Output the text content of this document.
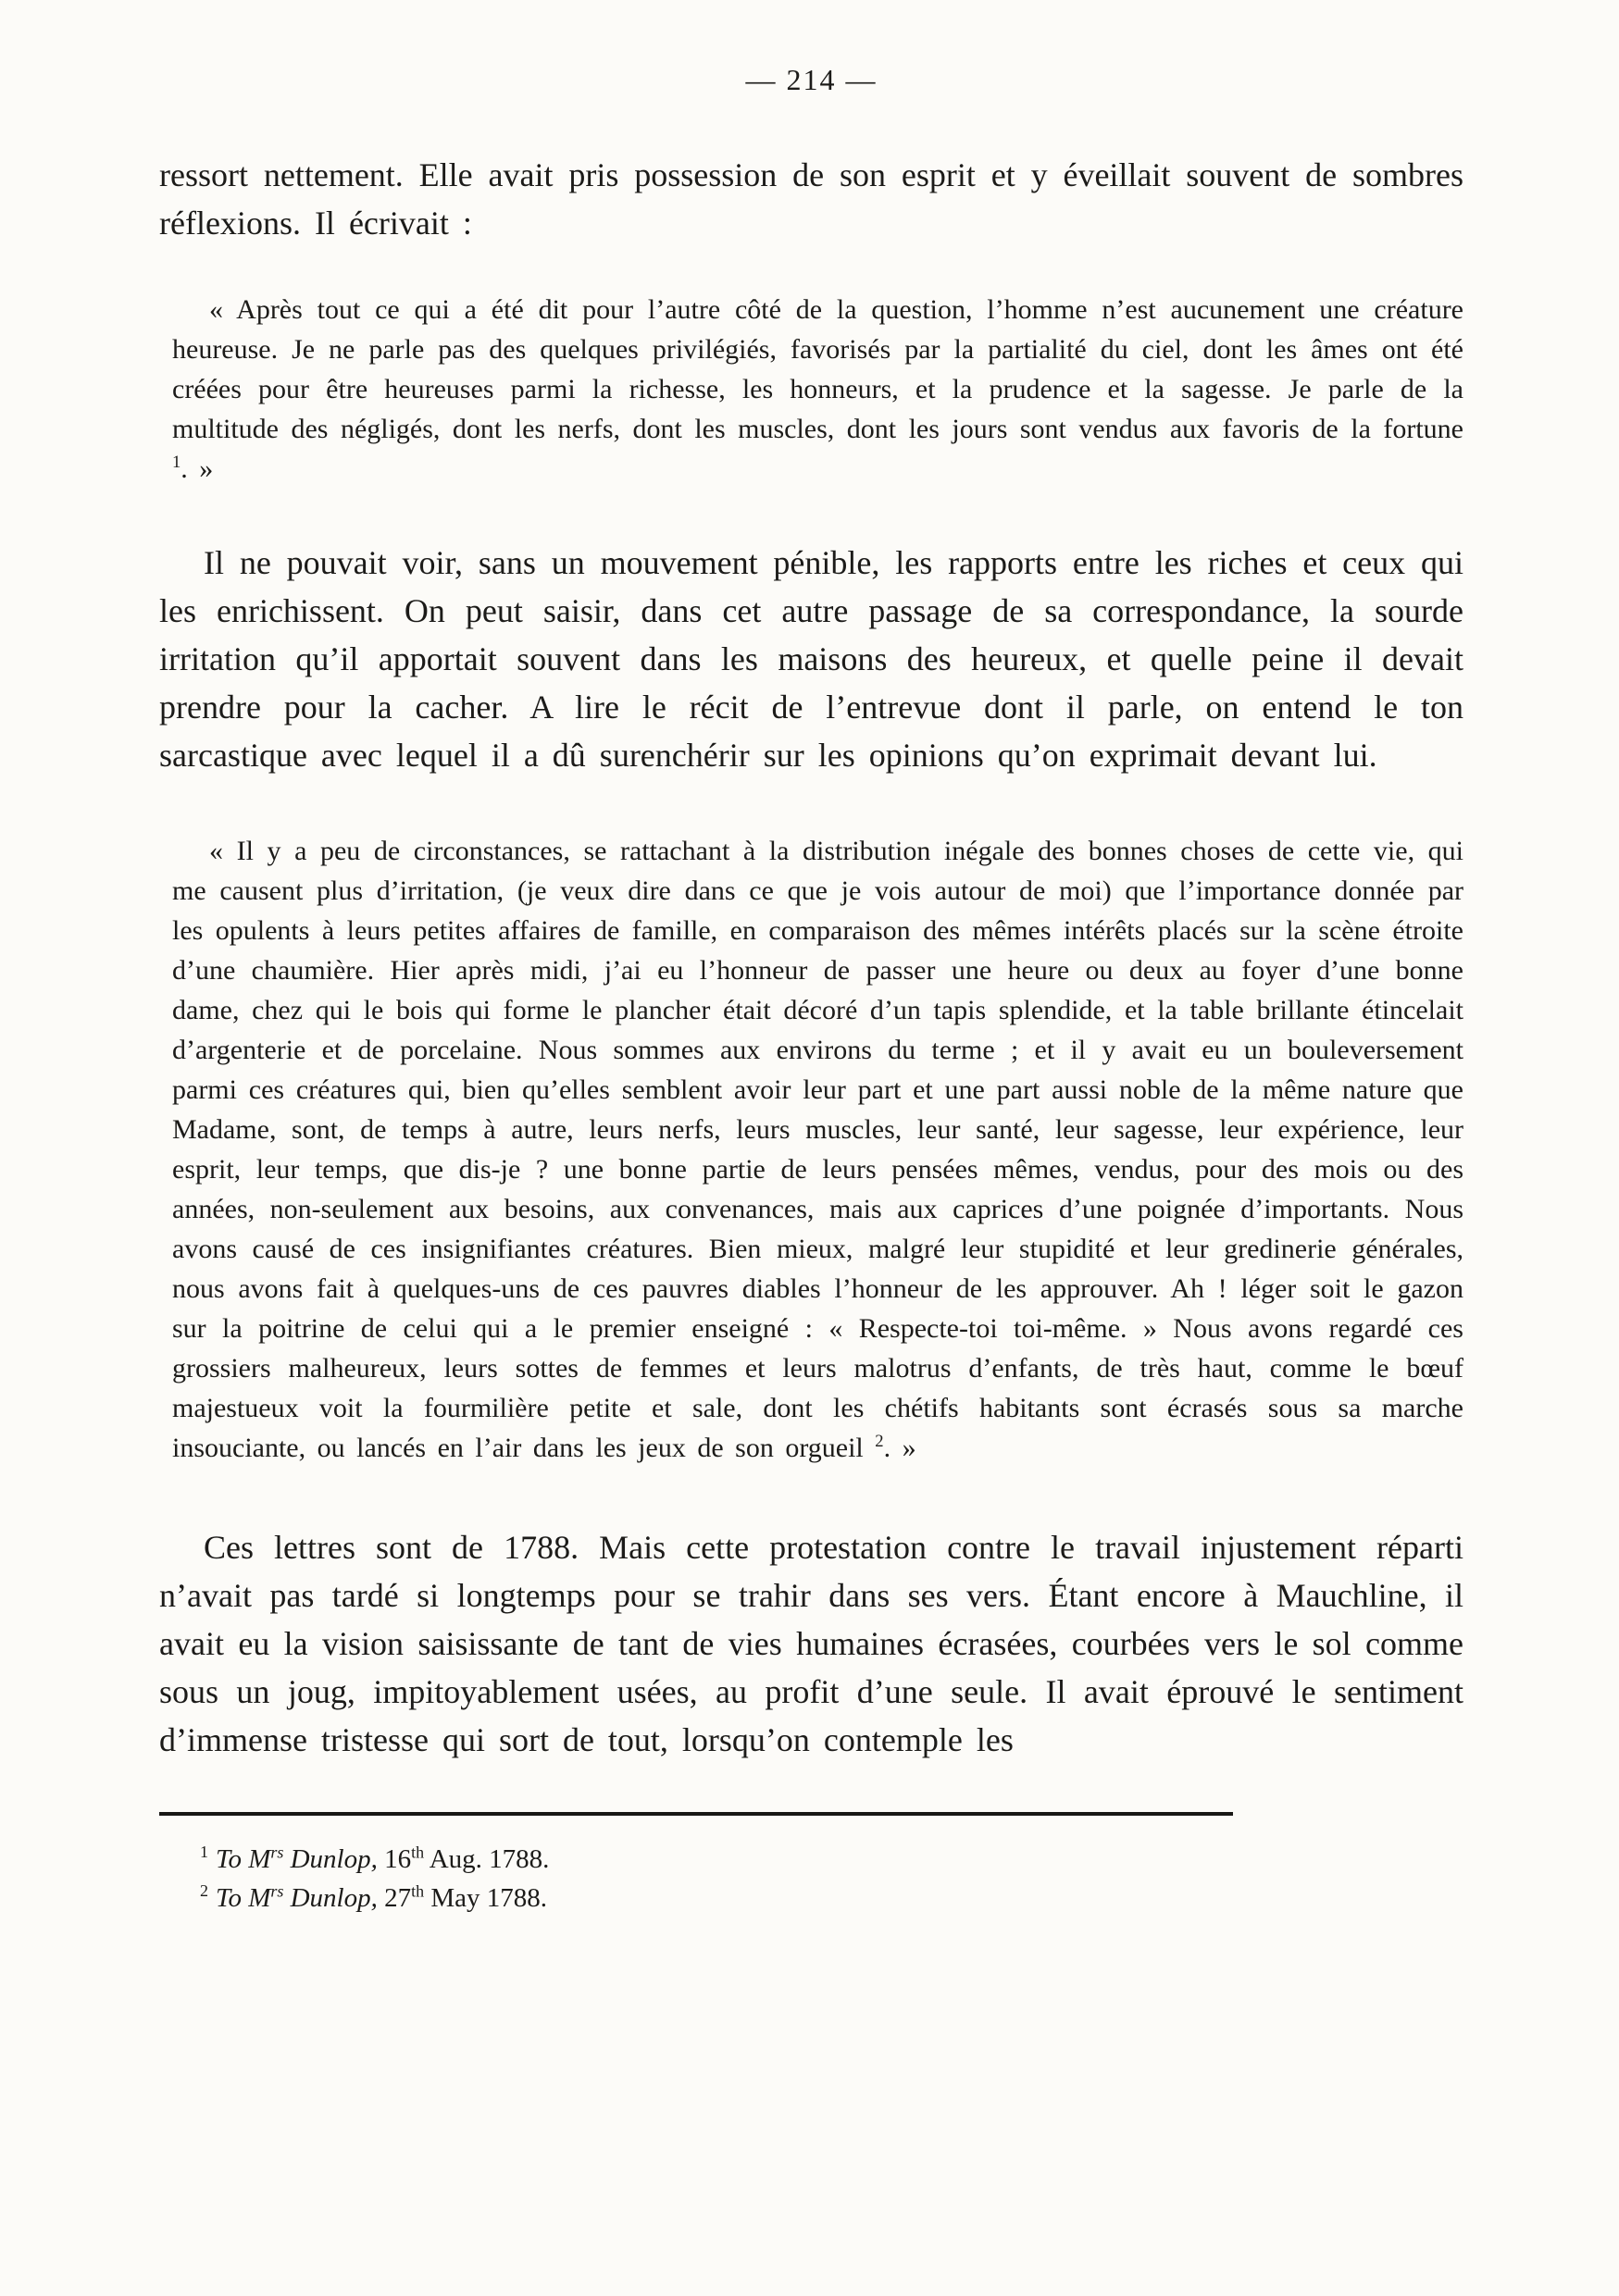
— 214 —

ressort nettement. Elle avait pris possession de son esprit et y éveillait souvent de sombres réflexions. Il écrivait :

« Après tout ce qui a été dit pour l’autre côté de la question, l’homme n’est aucunement une créature heureuse. Je ne parle pas des quelques privilégiés, favorisés par la partialité du ciel, dont les âmes ont été créées pour être heureuses parmi la richesse, les honneurs, et la prudence et la sagesse. Je parle de la multitude des négligés, dont les nerfs, dont les muscles, dont les jours sont vendus aux favoris de la fortune $^1$. »

Il ne pouvait voir, sans un mouvement pénible, les rapports entre les riches et ceux qui les enrichissent. On peut saisir, dans cet autre passage de sa correspondance, la sourde irritation qu’il apportait souvent dans les maisons des heureux, et quelle peine il devait prendre pour la cacher. A lire le récit de l’entrevue dont il parle, on entend le ton sarcastique avec lequel il a dû surenchérir sur les opinions qu’on exprimait devant lui.

« Il y a peu de circonstances, se rattachant à la distribution inégale des bonnes choses de cette vie, qui me causent plus d’irritation, (je veux dire dans ce que je vois autour de moi) que l’importance donnée par les opulents à leurs petites affaires de famille, en comparaison des mêmes intérêts placés sur la scène étroite d’une chaumière. Hier après midi, j’ai eu l’honneur de passer une heure ou deux au foyer d’une bonne dame, chez qui le bois qui forme le plancher était décoré d’un tapis splendide, et la table brillante étincelait d’argenterie et de porcelaine. Nous sommes aux environs du terme ; et il y avait eu un bouleversement parmi ces créatures qui, bien qu’elles semblent avoir leur part et une part aussi noble de la même nature que Madame, sont, de temps à autre, leurs nerfs, leurs muscles, leur santé, leur sagesse, leur expérience, leur esprit, leur temps, que dis-je ? une bonne partie de leurs pensées mêmes, vendus, pour des mois ou des années, non-seulement aux besoins, aux convenances, mais aux caprices d’une poignée d’importants. Nous avons causé de ces insignifiantes créatures. Bien mieux, malgré leur stupidité et leur gredinerie générales, nous avons fait à quelques-uns de ces pauvres diables l’honneur de les approuver. Ah ! léger soit le gazon sur la poitrine de celui qui a le premier enseigné : « Respecte-toi toi-même. » Nous avons regardé ces grossiers malheureux, leurs sottes de femmes et leurs malotrus d’enfants, de très haut, comme le bœuf majestueux voit la fourmilière petite et sale, dont les chétifs habitants sont écrasés sous sa marche insouciante, ou lancés en l’air dans les jeux de son orgueil $^2$. »

Ces lettres sont de 1788. Mais cette protestation contre le travail injustement réparti n’avait pas tardé si longtemps pour se trahir dans ses vers. Étant encore à Mauchline, il avait eu la vision saisissante de tant de vies humaines écrasées, courbées vers le sol comme sous un joug, impitoyablement usées, au profit d’une seule. Il avait éprouvé le sentiment d’immense tristesse qui sort de tout, lorsqu’on contemple les

$^1$ To $M^{rs}$ Dunlop, 16th Aug. 1788.
$^2$ To $M^{rs}$ Dunlop, 27th May 1788.
